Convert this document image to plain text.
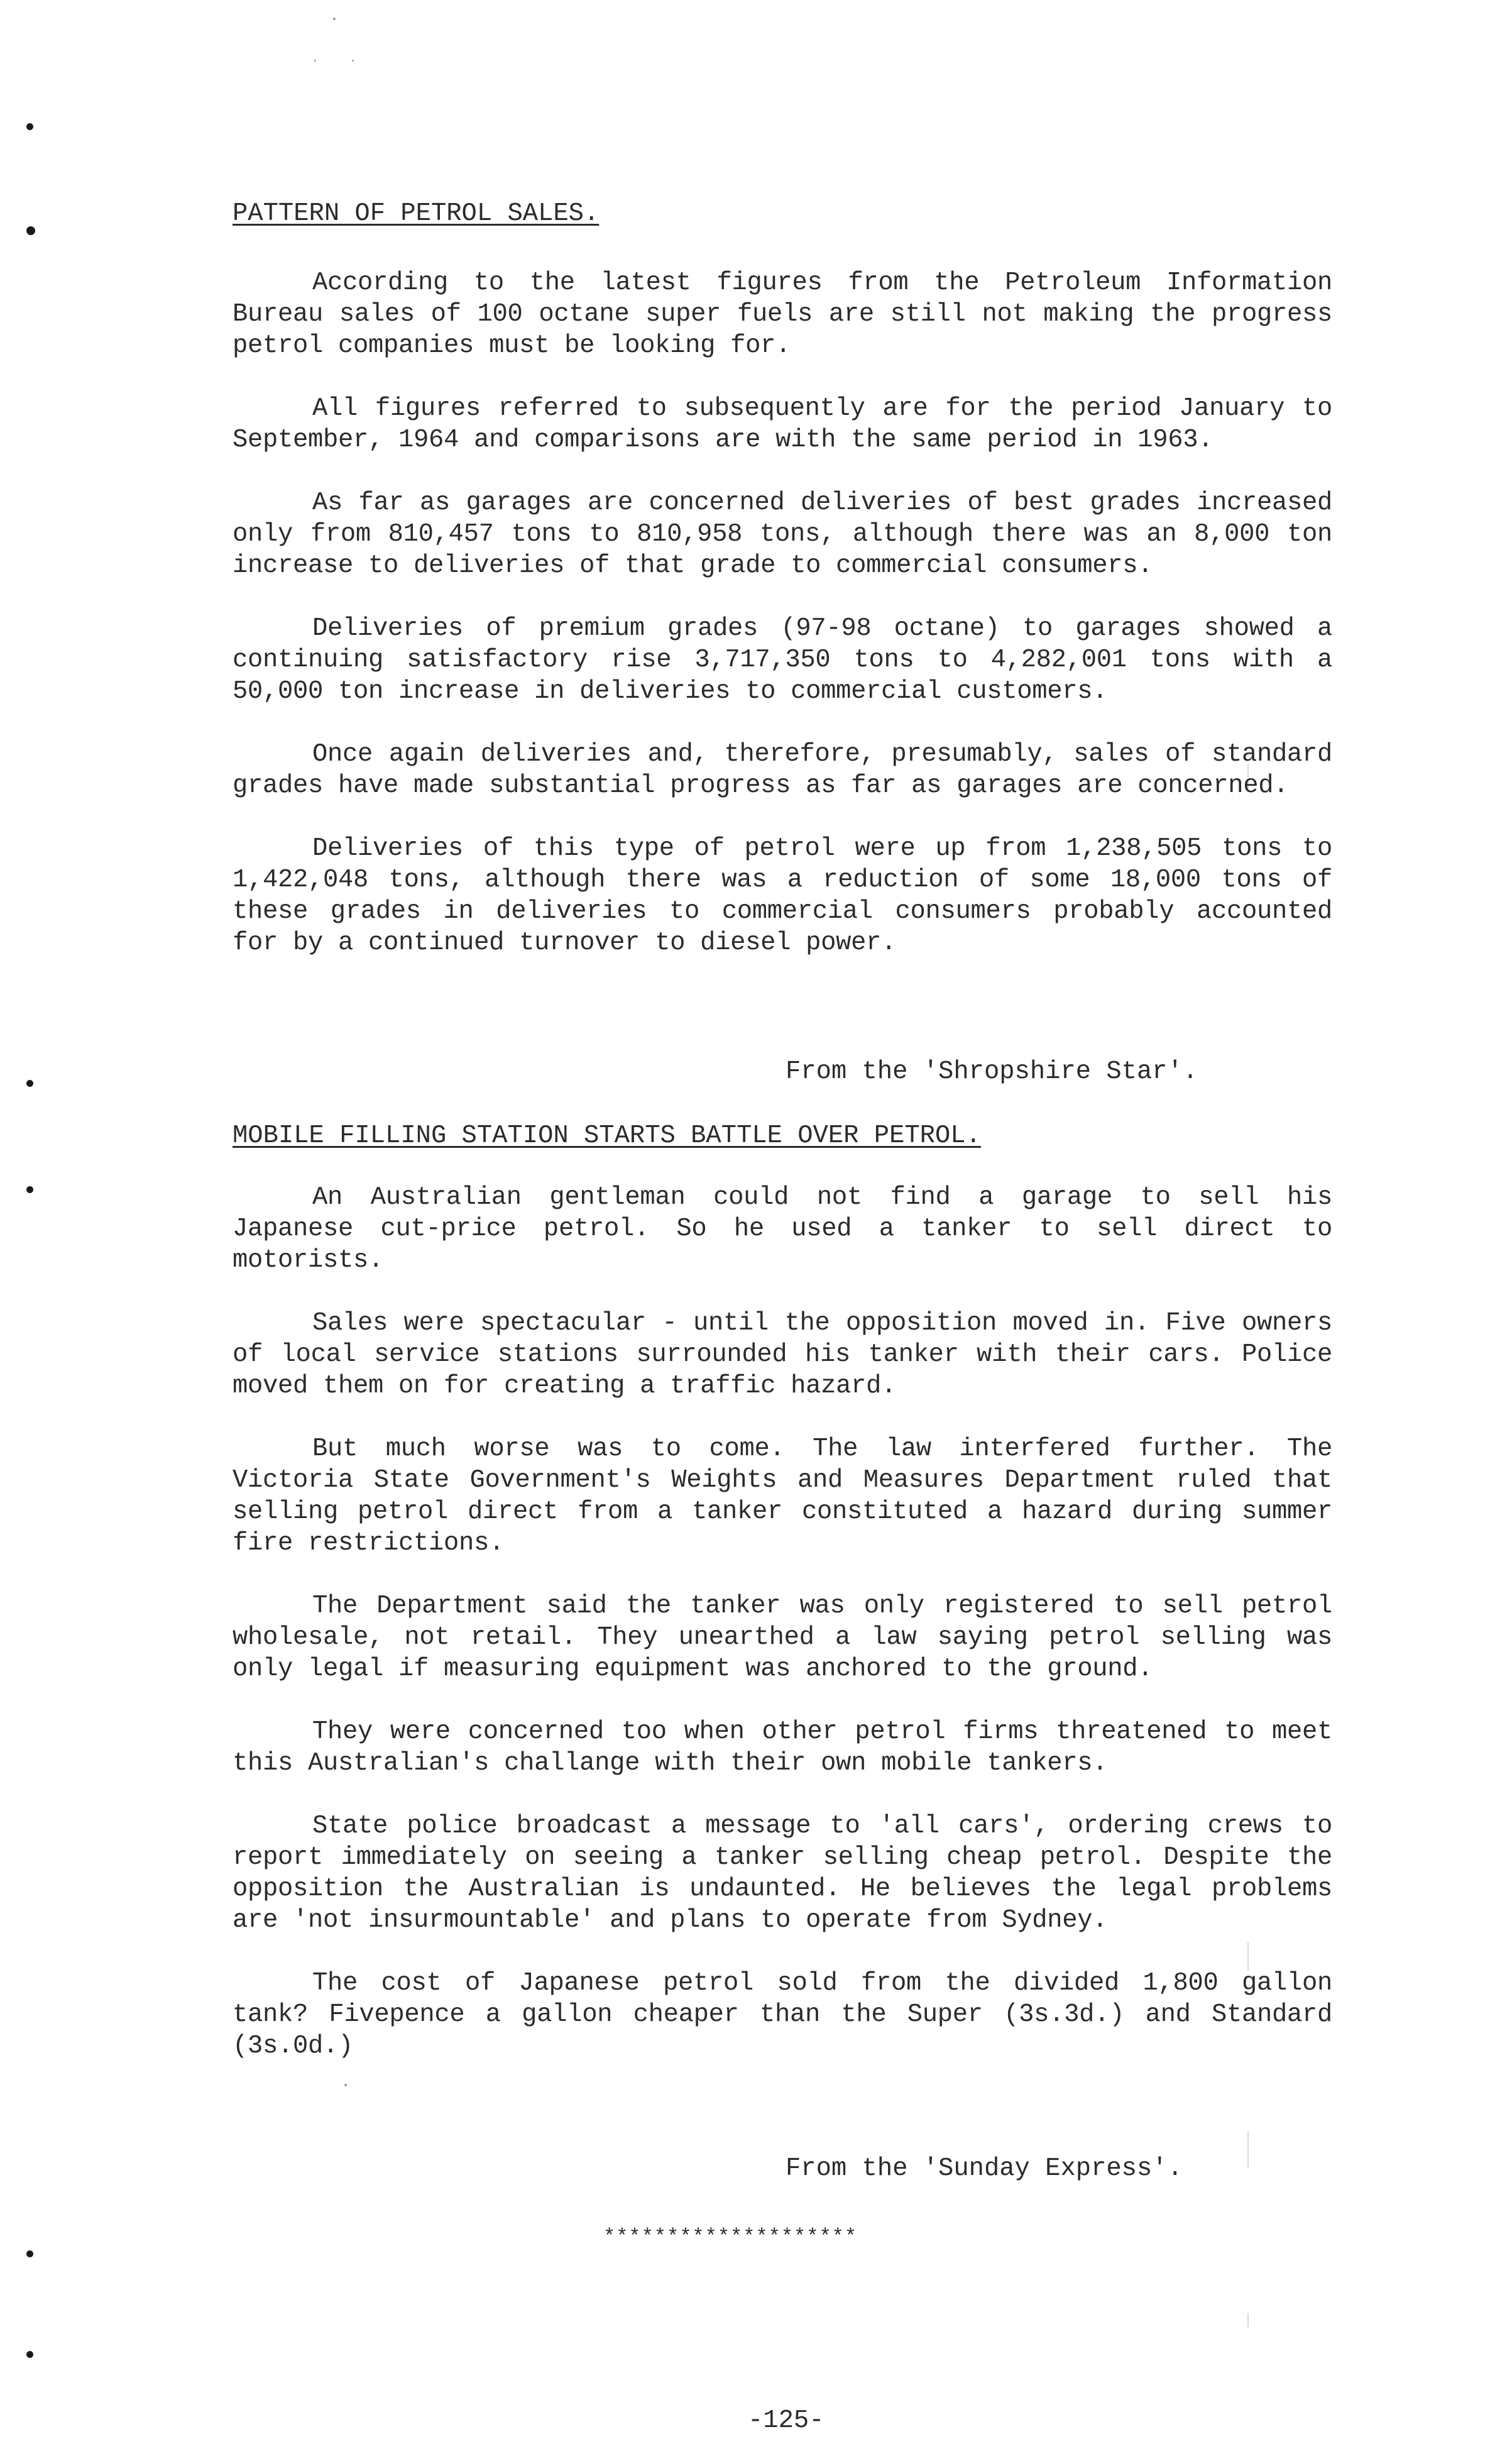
PATTERN OF PETROL SALES.

According to the latest figures from the Petroleum Information Bureau sales of 100 octane super fuels are still not making the progress petrol companies must be looking for.

All figures referred to subsequently are for the period January to September, 1964 and comparisons are with the same period in 1963.

As far as garages are concerned deliveries of best grades increased only from 810,457 tons to 810,958 tons, although there was an 8,000 ton increase to deliveries of that grade to commercial consumers.

Deliveries of premium grades (97-98 octane) to garages showed a continuing satisfactory rise 3,717,350 tons to 4,282,001 tons with a 50,000 ton increase in deliveries to commercial customers.

Once again deliveries and, therefore, presumably, sales of standard grades have made substantial progress as far as garages are concerned.

Deliveries of this type of petrol were up from 1,238,505 tons to 1,422,048 tons, although there was a reduction of some 18,000 tons of these grades in deliveries to commercial consumers probably accounted for by a continued turnover to diesel power.

From the 'Shropshire Star'.
MOBILE FILLING STATION STARTS BATTLE OVER PETROL.

An Australian gentleman could not find a garage to sell his Japanese cut-price petrol. So he used a tanker to sell direct to motorists.

Sales were spectacular - until the opposition moved in. Five owners of local service stations surrounded his tanker with their cars. Police moved them on for creating a traffic hazard.

But much worse was to come. The law interfered further. The Victoria State Government's Weights and Measures Department ruled that selling petrol direct from a tanker constituted a hazard during summer fire restrictions.

The Department said the tanker was only registered to sell petrol wholesale, not retail. They unearthed a law saying petrol selling was only legal if measuring equipment was anchored to the ground.

They were concerned too when other petrol firms threatened to meet this Australian's challange with their own mobile tankers.

State police broadcast a message to 'all cars', ordering crews to report immediately on seeing a tanker selling cheap petrol. Despite the opposition the Australian is undaunted. He believes the legal problems are 'not insurmountable' and plans to operate from Sydney.

The cost of Japanese petrol sold from the divided 1,800 gallon tank? Fivepence a gallon cheaper than the Super (3s.3d.) and Standard (3s.0d.)

From the 'Sunday Express'.
********************
-125-
